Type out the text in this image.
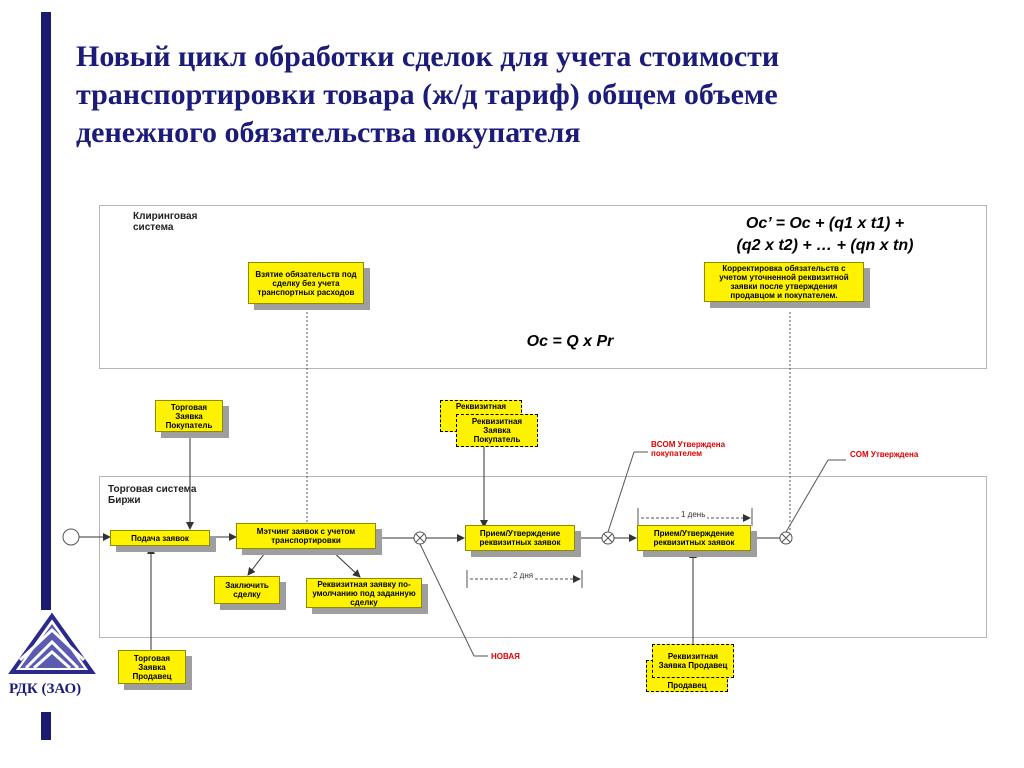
Новый цикл обработки сделок для учета стоимости
транспортировки товара (ж/д тариф) общем объеме
денежного обязательства покупателя
РДК (ЗАО)
Клиринговая система
Торговая система Биржи
Oc’ = Oc + (q1 x t1) +
(q2 x t2) + … + (qn x tn)
Oc = Q x Pr
Взятие обязательств под сделку без учета транспортных расходов
Корректировка обязательств с учетом уточненной реквизитной заявки после утверждения продавцом и покупателем.
Подача заявок
Мэтчинг заявок с учетом транспортировки
Заключить сделку
Реквизитная заявку по-умолчанию под заданную сделку
Прием/Утверждение реквизитных заявок
Прием/Утверждение реквизитных заявок
Торговая Заявка Покупатель
Реквизитная
Реквизитная Заявка Покупатель
Торговая Заявка Продавец
Продавец
Реквизитная Заявка Продавец
BCOM Утверждена покупателем	COM Утверждена
НОВАЯ
2 дня
1 день
